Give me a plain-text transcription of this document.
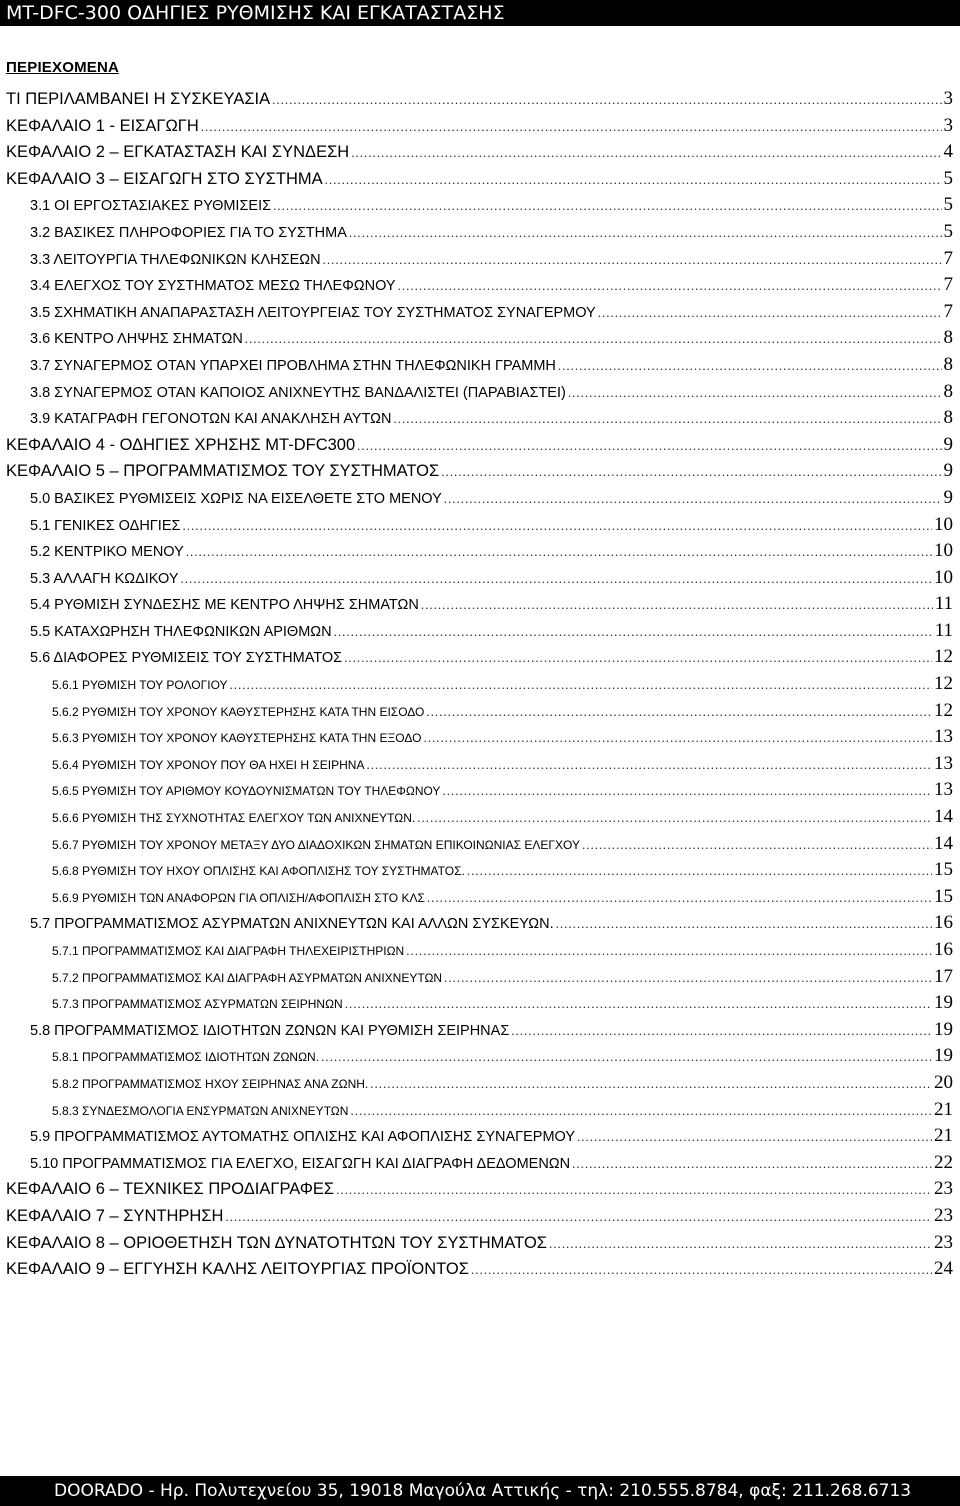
MT-DFC-300 ΟΔΗΓΙΕΣ ΡΥΘΜΙΣΗΣ ΚΑΙ ΕΓΚΑΤΑΣΤΑΣΗΣ
ΠΕΡΙΕΧΟΜΕΝΑ
ΤΙ ΠΕΡΙΛΑΜΒΑΝΕΙ Η ΣΥΣΚΕΥΑΣΙΑ .....	3
ΚΕΦΑΛΑΙΟ 1 - ΕΙΣΑΓΩΓΗ .....	3
ΚΕΦΑΛΑΙΟ 2 – ΕΓΚΑΤΑΣΤΑΣΗ ΚΑΙ ΣΥΝΔΕΣΗ .....	4
ΚΕΦΑΛΑΙΟ 3 – ΕΙΣΑΓΩΓΗ ΣΤΟ ΣΥΣΤΗΜΑ .....	5
3.1 ΟΙ ΕΡΓΟΣΤΑΣΙΑΚΕΣ ΡΥΘΜΙΣΕΙΣ .....	5
3.2 ΒΑΣΙΚΕΣ ΠΛΗΡΟΦΟΡΙΕΣ ΓΙΑ ΤΟ ΣΥΣΤΗΜΑ .....	5
3.3 ΛΕΙΤΟΥΡΓΙΑ ΤΗΛΕΦΩΝΙΚΩΝ ΚΛΗΣΕΩΝ .....	7
3.4 ΕΛΕΓΧΟΣ ΤΟΥ ΣΥΣΤΗΜΑΤΟΣ ΜΕΣΩ ΤΗΛΕΦΩΝΟΥ .....	7
3.5 ΣΧΗΜΑΤΙΚΗ ΑΝΑΠΑΡΑΣΤΑΣΗ ΛΕΙΤΟΥΡΓΕΙΑΣ ΤΟΥ ΣΥΣΤΗΜΑΤΟΣ ΣΥΝΑΓΕΡΜΟΥ .....	7
3.6 ΚΕΝΤΡΟ ΛΗΨΗΣ ΣΗΜΑΤΩΝ .....	8
3.7 ΣΥΝΑΓΕΡΜΟΣ ΟΤΑΝ ΥΠΑΡΧΕΙ ΠΡΟΒΛΗΜΑ ΣΤΗΝ ΤΗΛΕΦΩΝΙΚΗ ΓΡΑΜΜΗ .....	8
3.8 ΣΥΝΑΓΕΡΜΟΣ ΟΤΑΝ ΚΑΠΟΙΟΣ ΑΝΙΧΝΕΥΤΗΣ ΒΑΝΔΑΛΙΣΤΕΙ (ΠΑΡΑΒΙΑΣΤΕΙ) .....	8
3.9 ΚΑΤΑΓΡΑΦΗ ΓΕΓΟΝΟΤΩΝ ΚΑΙ ΑΝΑΚΛΗΣΗ ΑΥΤΩΝ .....	8
ΚΕΦΑΛΑΙΟ 4 - ΟΔΗΓΙΕΣ ΧΡΗΣΗΣ MT-DFC300 .....	9
ΚΕΦΑΛΑΙΟ 5 – ΠΡΟΓΡΑΜΜΑΤΙΣΜΟΣ ΤΟΥ ΣΥΣΤΗΜΑΤΟΣ .....	9
5.0 ΒΑΣΙΚΕΣ ΡΥΘΜΙΣΕΙΣ ΧΩΡΙΣ ΝΑ ΕΙΣΕΛΘΕΤΕ ΣΤΟ ΜΕΝΟΥ .....	9
5.1 ΓΕΝΙΚΕΣ ΟΔΗΓΙΕΣ .....	10
5.2 ΚΕΝΤΡΙΚΟ ΜΕΝΟΥ .....	10
5.3 ΑΛΛΑΓΗ ΚΩΔΙΚΟΥ .....	10
5.4 ΡΥΘΜΙΣΗ ΣΥΝΔΕΣΗΣ ΜΕ ΚΕΝΤΡΟ ΛΗΨΗΣ ΣΗΜΑΤΩΝ .....	11
5.5 ΚΑΤΑΧΩΡΗΣΗ ΤΗΛΕΦΩΝΙΚΩΝ ΑΡΙΘΜΩΝ .....	11
5.6 ΔΙΑΦΟΡΕΣ ΡΥΘΜΙΣΕΙΣ ΤΟΥ ΣΥΣΤΗΜΑΤΟΣ .....	12
5.6.1 ΡΥΘΜΙΣΗ ΤΟΥ ΡΟΛΟΓΙΟΥ .....	12
5.6.2 ΡΥΘΜΙΣΗ ΤΟΥ ΧΡΟΝΟΥ ΚΑΘΥΣΤΕΡΗΣΗΣ ΚΑΤΑ ΤΗΝ ΕΙΣΟΔΟ .....	12
5.6.3 ΡΥΘΜΙΣΗ ΤΟΥ ΧΡΟΝΟΥ ΚΑΘΥΣΤΕΡΗΣΗΣ ΚΑΤΑ ΤΗΝ ΕΞΟΔΟ .....	13
5.6.4 ΡΥΘΜΙΣΗ ΤΟΥ ΧΡΟΝΟΥ ΠΟΥ ΘΑ ΗΧΕΙ Η ΣΕΙΡΗΝΑ .....	13
5.6.5 ΡΥΘΜΙΣΗ ΤΟΥ ΑΡΙΘΜΟΥ ΚΟΥΔΟΥΝΙΣΜΑΤΩΝ ΤΟΥ ΤΗΛΕΦΩΝΟΥ .....	13
5.6.6 ΡΥΘΜΙΣΗ ΤΗΣ ΣΥΧΝΟΤΗΤΑΣ ΕΛΕΓΧΟΥ ΤΩΝ ΑΝΙΧΝΕΥΤΩΝ. .....	14
5.6.7 ΡΥΘΜΙΣΗ ΤΟΥ ΧΡΟΝΟΥ ΜΕΤΑΞΥ ΔΥΟ ΔΙΑΔΟΧΙΚΩΝ ΣΗΜΑΤΩΝ ΕΠΙΚΟΙΝΩΝΙΑΣ ΕΛΕΓΧΟΥ .....	14
5.6.8 ΡΥΘΜΙΣΗ ΤΟΥ ΗΧΟΥ ΟΠΛΙΣΗΣ ΚΑΙ ΑΦΟΠΛΙΣΗΣ ΤΟΥ ΣΥΣΤΗΜΑΤΟΣ. .....	15
5.6.9 ΡΥΘΜΙΣΗ ΤΩΝ ΑΝΑΦΟΡΩΝ ΓΙΑ ΟΠΛΙΣΗ/ΑΦΟΠΛΙΣΗ ΣΤΟ ΚΛΣ .....	15
5.7 ΠΡΟΓΡΑΜΜΑΤΙΣΜΟΣ ΑΣΥΡΜΑΤΩΝ ΑΝΙΧΝΕΥΤΩΝ ΚΑΙ ΑΛΛΩΝ ΣΥΣΚΕΥΩΝ. .....	16
5.7.1 ΠΡΟΓΡΑΜΜΑΤΙΣΜΟΣ ΚΑΙ ΔΙΑΓΡΑΦΗ ΤΗΛΕΧΕΙΡΙΣΤΗΡΙΩΝ .....	16
5.7.2 ΠΡΟΓΡΑΜΜΑΤΙΣΜΟΣ ΚΑΙ ΔΙΑΓΡΑΦΗ ΑΣΥΡΜΑΤΩΝ ΑΝΙΧΝΕΥΤΩΝ .....	17
5.7.3 ΠΡΟΓΡΑΜΜΑΤΙΣΜΟΣ ΑΣΥΡΜΑΤΩΝ ΣΕΙΡΗΝΩΝ .....	19
5.8 ΠΡΟΓΡΑΜΜΑΤΙΣΜΟΣ ΙΔΙΟΤΗΤΩΝ ΖΩΝΩΝ ΚΑΙ ΡΥΘΜΙΣΗ ΣΕΙΡΗΝΑΣ .....	19
5.8.1 ΠΡΟΓΡΑΜΜΑΤΙΣΜΟΣ ΙΔΙΟΤΗΤΩΝ ΖΩΝΩΝ. .....	19
5.8.2 ΠΡΟΓΡΑΜΜΑΤΙΣΜΟΣ ΗΧΟΥ ΣΕΙΡΗΝΑΣ ΑΝΑ ΖΩΝΗ. .....	20
5.8.3 ΣΥΝΔΕΣΜΟΛΟΓΙΑ ΕΝΣΥΡΜΑΤΩΝ ΑΝΙΧΝΕΥΤΩΝ .....	21
5.9 ΠΡΟΓΡΑΜΜΑΤΙΣΜΟΣ ΑΥΤΟΜΑΤΗΣ ΟΠΛΙΣΗΣ ΚΑΙ ΑΦΟΠΛΙΣΗΣ ΣΥΝΑΓΕΡΜΟΥ .....	21
5.10 ΠΡΟΓΡΑΜΜΑΤΙΣΜΟΣ ΓΙΑ ΕΛΕΓΧΟ, ΕΙΣΑΓΩΓΗ ΚΑΙ ΔΙΑΓΡΑΦΗ ΔΕΔΟΜΕΝΩΝ .....	22
ΚΕΦΑΛΑΙΟ 6 – ΤΕΧΝΙΚΕΣ ΠΡΟΔΙΑΓΡΑΦΕΣ .....	23
ΚΕΦΑΛΑΙΟ 7 – ΣΥΝΤΗΡΗΣΗ .....	23
ΚΕΦΑΛΑΙΟ 8 – ΟΡΙΟΘΕΤΗΣΗ ΤΩΝ ΔΥΝΑΤΟΤΗΤΩΝ ΤΟΥ ΣΥΣΤΗΜΑΤΟΣ .....	23
ΚΕΦΑΛΑΙΟ 9 – ΕΓΓΥΗΣΗ ΚΑΛΗΣ ΛΕΙΤΟΥΡΓΙΑΣ ΠΡΟΪΟΝΤΟΣ .....	24
DOORADO - Ηρ. Πολυτεχνείου 35, 19018 Μαγούλα Αττικής - τηλ: 210.555.8784, φαξ: 211.268.6713
